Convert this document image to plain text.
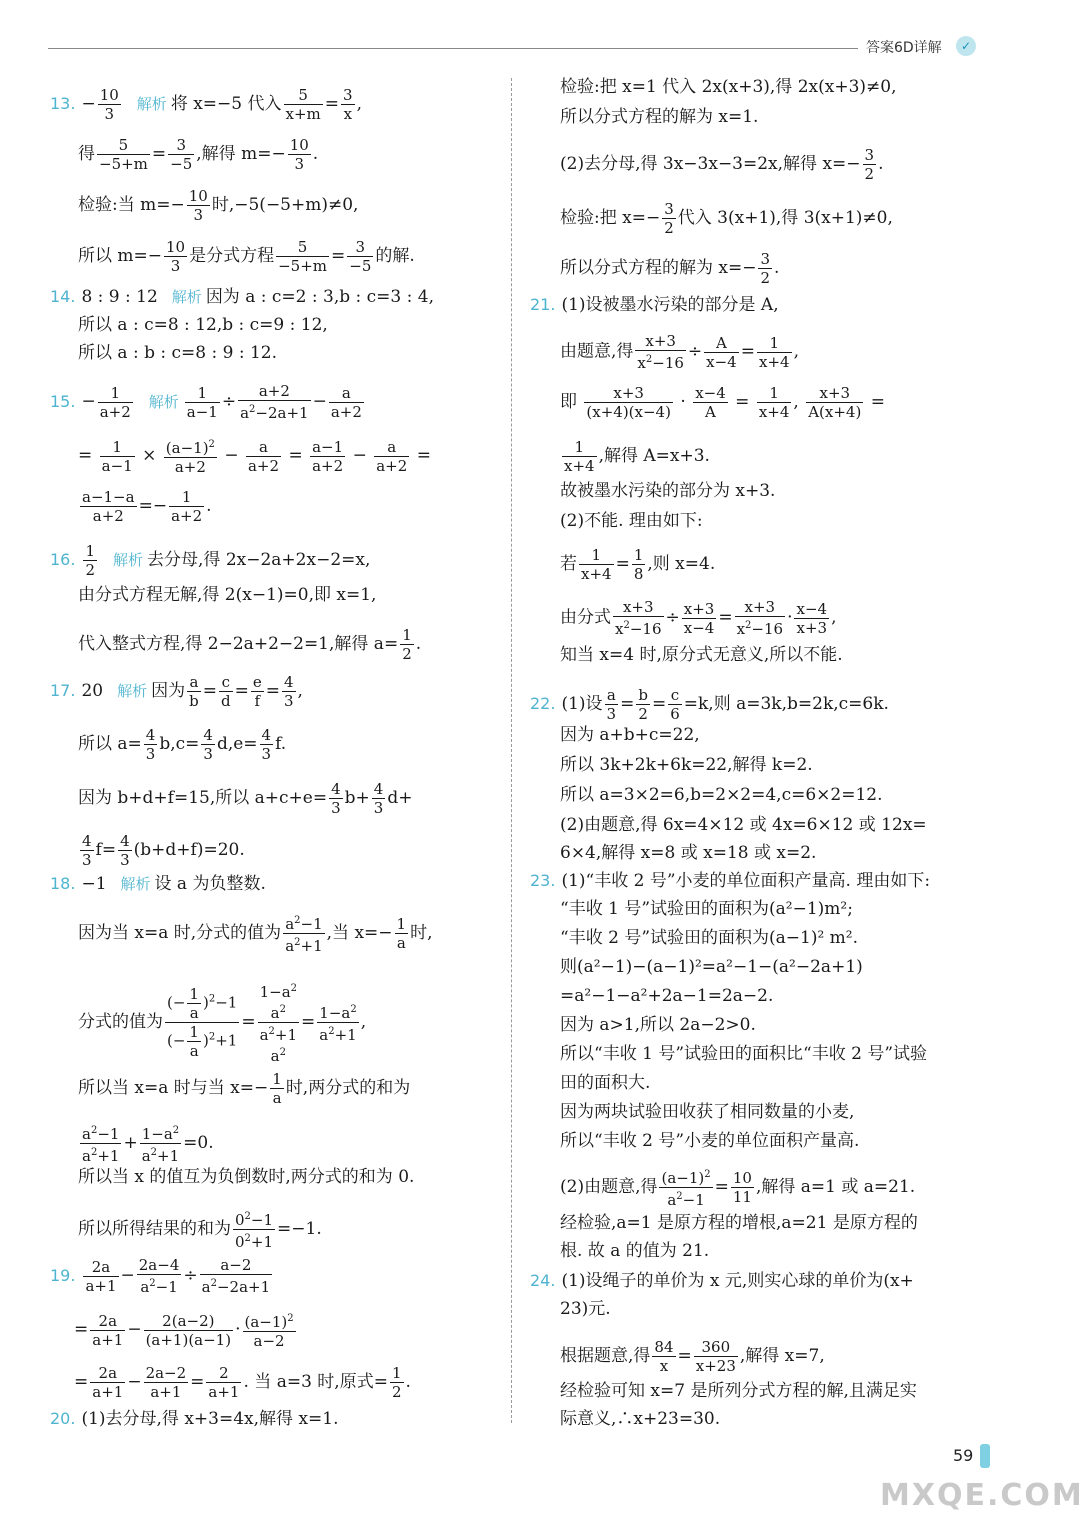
答案6D详解	✓
13. − $\frac{10}{3}$ 解析 将 x=−5 代入 $\frac{5}{x+m} = \frac{3}{x}$ ,
得 $\frac{5}{-5+m} = \frac{3}{-5}$ ,解得 $m=- \frac{10}{3}$ .
检验:当 $m=- \frac{10}{3}$ 时,−5(−5+m)≠0,
所以 $m=- \frac{10}{3}$ 是分式方程 $\frac{5}{-5+m} = \frac{3}{-5}$ 的解.
14. 8 : 9 : 12 解析 因为 a : c=2 : 3,b : c=3 : 4,
所以 a : c=8 : 12,b : c=9 : 12,
所以 a : b : c=8 : 9 : 12.
15. − $\frac{1}{a+2}$ 解析 $\frac{1}{a-1} \div \frac{a+2}{a^2-2a+1} - \frac{a}{a+2}$
= $\frac{1}{a-1} \times \frac{(a-1)^2}{a+2} - \frac{a}{a+2} = \frac{a-1}{a+2} - \frac{a}{a+2}$ =
$\frac{a-1-a}{a+2} =- \frac{1}{a+2}$ .
16. $\frac{1}{2}$ 解析 去分母,得 2x−2a+2x−2=x,
由分式方程无解,得 2(x−1)=0,即 x=1,
代入整式方程,得 2−2a+2−2=1,解得 $a= \frac{1}{2}$ .
17. 20 解析 因为 $\frac{a}{b} = \frac{c}{d} = \frac{e}{f} = \frac{4}{3}$ ,
所以 $a= \frac{4}{3} b,c= \frac{4}{3} d,e= \frac{4}{3} f$.
因为 b+d+f=15,所以 $a+c+e= \frac{4}{3} b+ \frac{4}{3} d+$
$\frac{4}{3} f= \frac{4}{3} (b+d+f)=20$.
18. −1 解析 设 a 为负整数.
因为当 x=a 时,分式的值为 $\frac{a^2-1}{a^2+1}$ ,当 $x=- \frac{1}{a}$ 时,
分式的值为 $\frac{(- \frac{1}{a} )^2-1}{(- \frac{1}{a} )^2+1}$ =
$1-a^2$
$a^2$
$a^2+1$
$a^2$
= $\frac{1-a^2}{a^2+1}$ ,
所以当 x=a 时与当 $x=- \frac{1}{a}$ 时,两分式的和为
$\frac{a^2-1}{a^2+1} + \frac{1-a^2}{a^2+1} =0$.
所以当 x 的值互为负倒数时,两分式的和为 0.
所以所得结果的和为 $\frac{0^2-1}{0^2+1} =-1$.
19. $\frac{2a}{a+1} - \frac{2a-4}{a^2-1} \div \frac{a-2}{a^2-2a+1}$
= $\frac{2a}{a+1} - \frac{2(a-2)}{(a+1)(a-1)} \cdot \frac{(a-1)^2}{a-2}$
= $\frac{2a}{a+1} - \frac{2a-2}{a+1} = \frac{2}{a+1}$ . 当 a=3 时,原式= $\frac{1}{2}$ .
20. (1)去分母,得 x+3=4x,解得 x=1.
检验:把 x=1 代入 2x(x+3),得 2x(x+3)≠0,
所以分式方程的解为 x=1.
(2)去分母,得 3x−3x−3=2x,解得 $x=- \frac{3}{2}$ .
检验:把 $x=- \frac{3}{2}$ 代入 3(x+1),得 3(x+1)≠0,
所以分式方程的解为 $x=- \frac{3}{2}$ .
21. (1)设被墨水污染的部分是 A,
由题意,得 $\frac{x+3}{x^2-16} \div \frac{A}{x-4} = \frac{1}{x+4}$ ,
即 $\frac{x+3}{(x+4)(x-4)} \cdot \frac{x-4}{A} = \frac{1}{x+4}$ , $\frac{x+3}{A(x+4)}$ =
$\frac{1}{x+4}$ ,解得 A=x+3.
故被墨水污染的部分为 x+3.
(2)不能. 理由如下:
若 $\frac{1}{x+4} = \frac{1}{8}$ ,则 x=4.
由分式 $\frac{x+3}{x^2-16} \div \frac{x+3}{x-4} = \frac{x+3}{x^2-16} \cdot \frac{x-4}{x+3}$ ,
知当 x=4 时,原分式无意义,所以不能.
22. (1)设 $\frac{a}{3} = \frac{b}{2} = \frac{c}{6} =k$,则 a=3k,b=2k,c=6k.
因为 a+b+c=22,
所以 3k+2k+6k=22,解得 k=2.
所以 a=3×2=6,b=2×2=4,c=6×2=12.
(2)由题意,得 6x=4×12 或 4x=6×12 或 12x=
6×4,解得 x=8 或 x=18 或 x=2.
23. (1)“丰收 2 号”小麦的单位面积产量高. 理由如下:
“丰收 1 号”试验田的面积为(a²−1)m²;
“丰收 2 号”试验田的面积为(a−1)² m².
则(a²−1)−(a−1)²=a²−1−(a²−2a+1)
=a²−1−a²+2a−1=2a−2.
因为 a>1,所以 2a−2>0.
所以“丰收 1 号”试验田的面积比“丰收 2 号”试验
田的面积大.
因为两块试验田收获了相同数量的小麦,
所以“丰收 2 号”小麦的单位面积产量高.
(2)由题意,得 $\frac{(a-1)^2}{a^2-1} = \frac{10}{11}$ ,解得 a=1 或 a=21.
经检验,a=1 是原方程的增根,a=21 是原方程的
根. 故 a 的值为 21.
24. (1)设绳子的单价为 x 元,则实心球的单价为(x+
23)元.
根据题意,得 $\frac{84}{x} = \frac{360}{x+23}$ ,解得 x=7,
经检验可知 x=7 是所列分式方程的解,且满足实
际意义,∴x+23=30.
59
MXQE.COM
